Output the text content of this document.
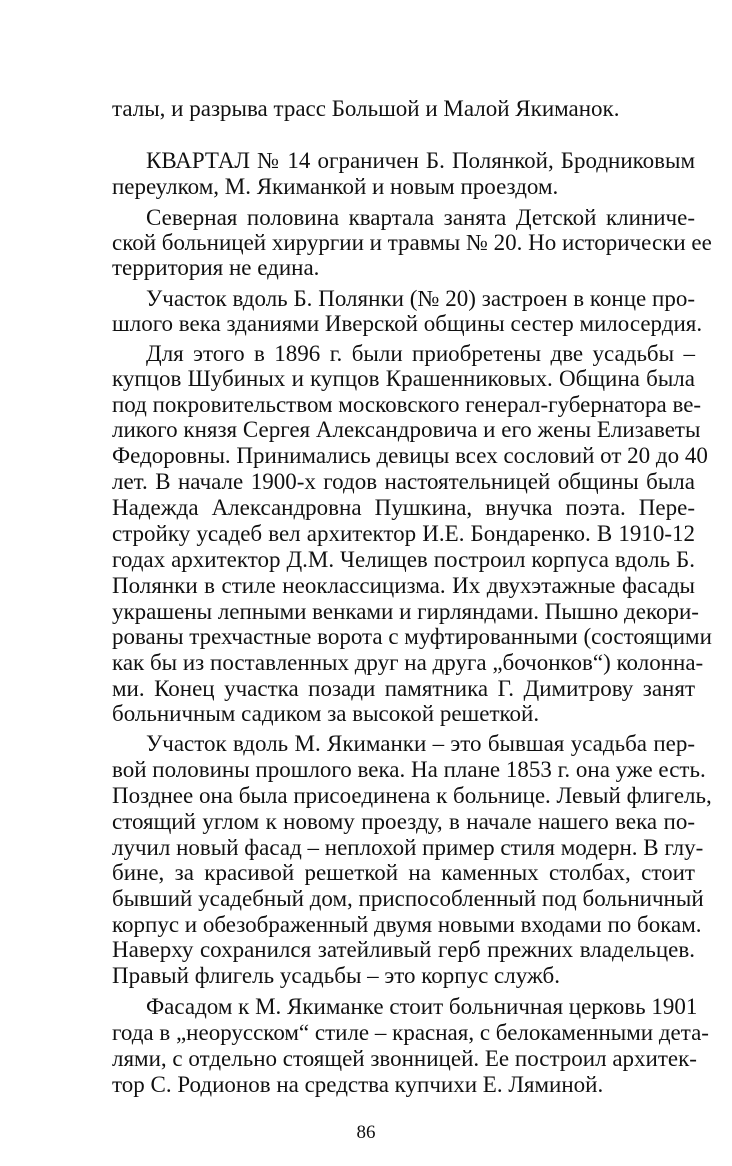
талы, и разрыва трасс Большой и Малой Якиманок.

КВАРТАЛ № 14 ограничен Б. Полянкой, Бродниковым

переулком, М. Якиманкой и новым проездом.

Северная половина квартала занята Детской клиниче-

ской больницей хирургии и травмы № 20. Но исторически ее

территория не едина.

Участок вдоль Б. Полянки (№ 20) застроен в конце про-

шлого века зданиями Иверской общины сестер милосердия.

Для этого в 1896 г. были приобретены две усадьбы –

купцов Шубиных и купцов Крашенниковых. Община была

под покровительством московского генерал-губернатора ве-

ликого князя Сергея Александровича и его жены Елизаветы

Федоровны. Принимались девицы всех сословий от 20 до 40

лет. В начале 1900-х годов настоятельницей общины была

Надежда Александровна Пушкина, внучка поэта. Пере-

стройку усадеб вел архитектор И.Е. Бондаренко. В 1910-12

годах архитектор Д.М. Челищев построил корпуса вдоль Б.

Полянки в стиле неоклассицизма. Их двухэтажные фасады

украшены лепными венками и гирляндами. Пышно декори-

рованы трехчастные ворота с муфтированными (состоящими

как бы из поставленных друг на друга „бочонков“) колонна-

ми. Конец участка позади памятника Г. Димитрову занят

больничным садиком за высокой решеткой.

Участок вдоль М. Якиманки – это бывшая усадьба пер-

вой половины прошлого века. На плане 1853 г. она уже есть.

Позднее она была присоединена к больнице. Левый флигель,

стоящий углом к новому проезду, в начале нашего века по-

лучил новый фасад – неплохой пример стиля модерн. В глу-

бине, за красивой решеткой на каменных столбах, стоит

бывший усадебный дом, приспособленный под больничный

корпус и обезображенный двумя новыми входами по бокам.

Наверху сохранился затейливый герб прежних владельцев.

Правый флигель усадьбы – это корпус служб.

Фасадом к М. Якиманке стоит больничная церковь 1901

года в „неорусском“ стиле – красная, с белокаменными дета-

лями, с отдельно стоящей звонницей. Ее построил архитек-

тор С. Родионов на средства купчихи Е. Ляминой.

86
